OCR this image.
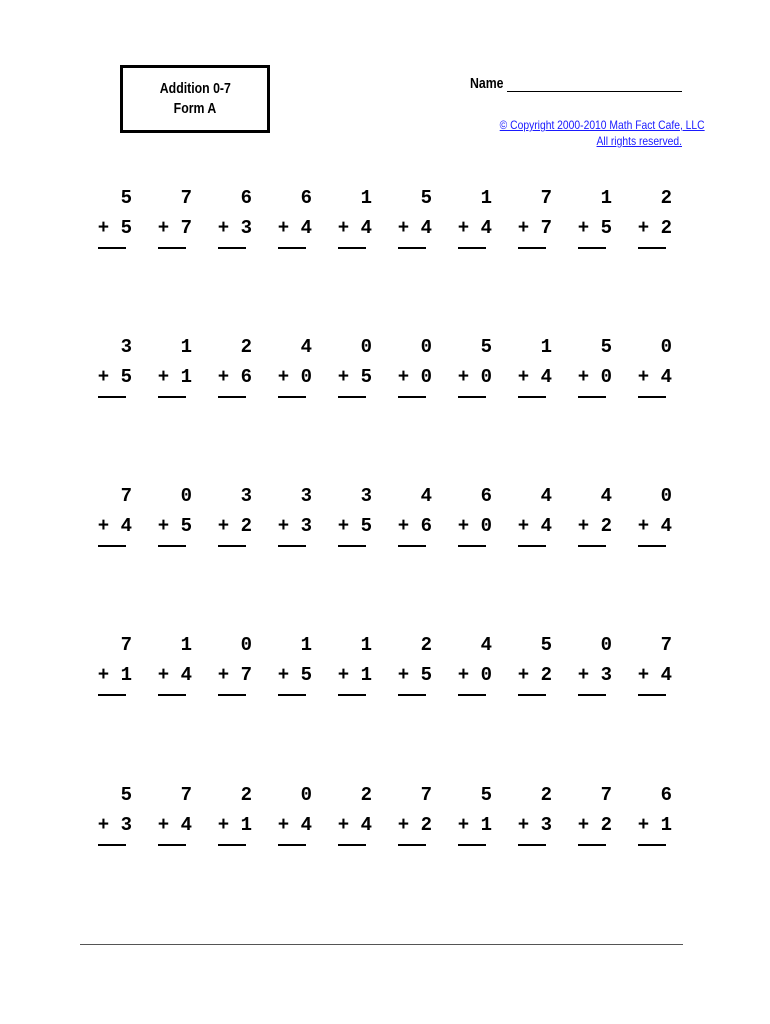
Addition 0-7
Form A
Name
© Copyright 2000-2010 Math Fact Cafe, LLC
All rights reserved.
5
+ 5
7
+ 7
6
+ 3
6
+ 4
1
+ 4
5
+ 4
1
+ 4
7
+ 7
1
+ 5
2
+ 2
3
+ 5
1
+ 1
2
+ 6
4
+ 0
0
+ 5
0
+ 0
5
+ 0
1
+ 4
5
+ 0
0
+ 4
7
+ 4
0
+ 5
3
+ 2
3
+ 3
3
+ 5
4
+ 6
6
+ 0
4
+ 4
4
+ 2
0
+ 4
7
+ 1
1
+ 4
0
+ 7
1
+ 5
1
+ 1
2
+ 5
4
+ 0
5
+ 2
0
+ 3
7
+ 4
5
+ 3
7
+ 4
2
+ 1
0
+ 4
2
+ 4
7
+ 2
5
+ 1
2
+ 3
7
+ 2
6
+ 1
